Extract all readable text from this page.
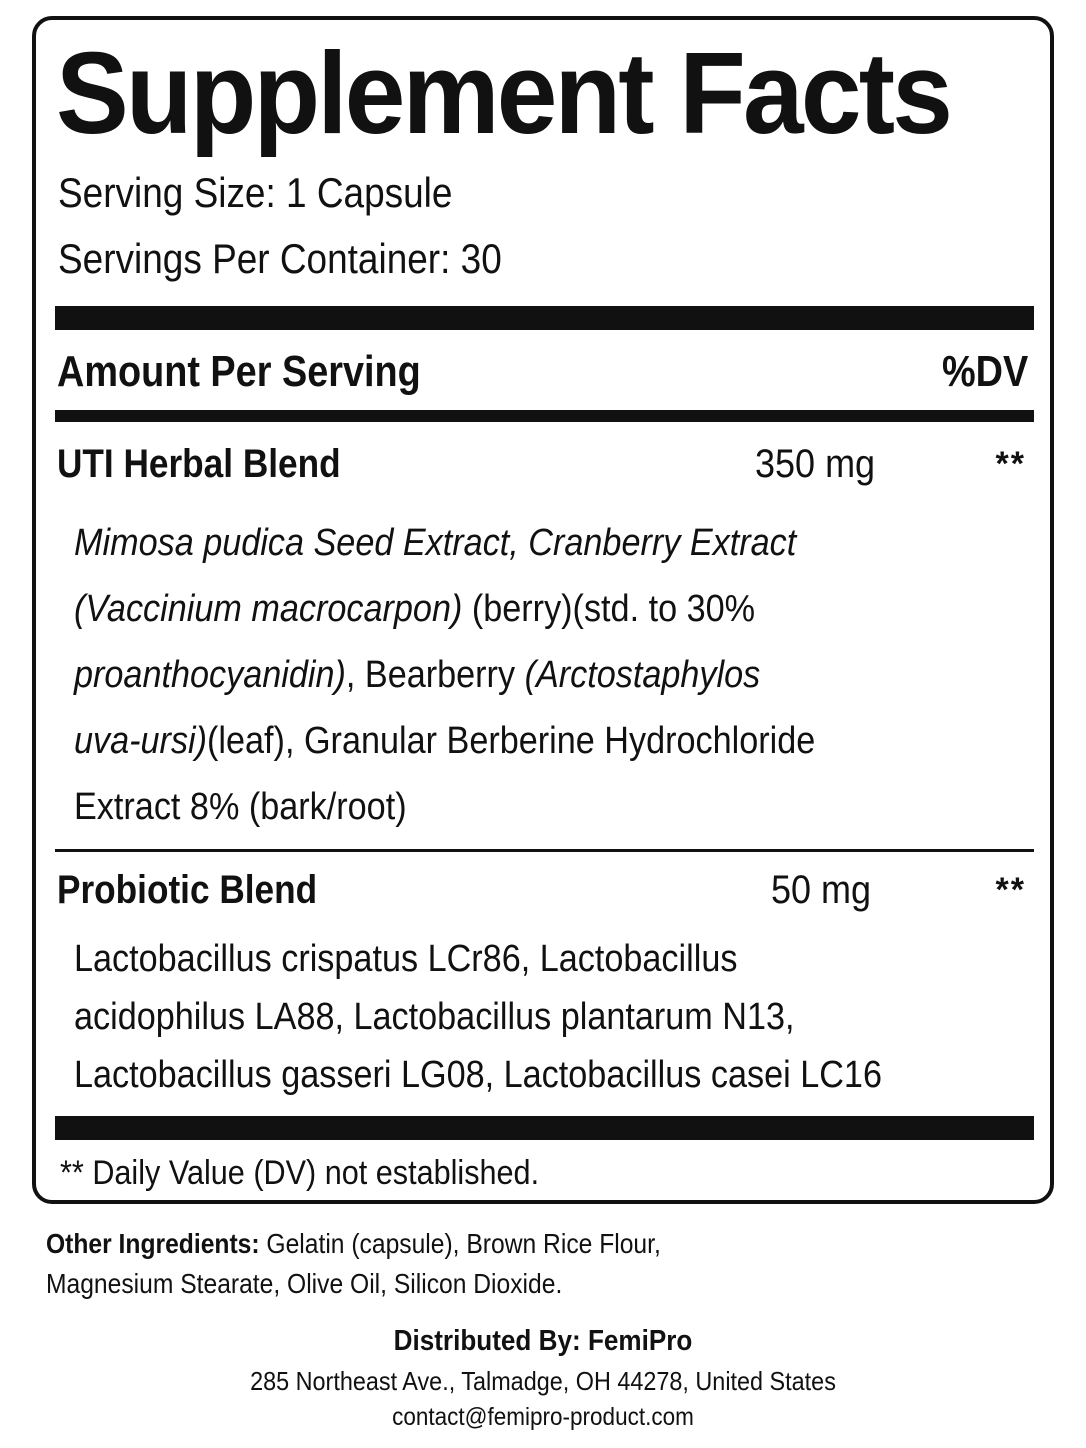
Supplement Facts
Serving Size: 1 Capsule
Servings Per Container: 30
Amount Per Serving	%DV
UTI Herbal Blend	350 mg	**
Mimosa pudica Seed Extract, Cranberry Extract
(Vaccinium macrocarpon) (berry)(std. to 30%
proanthocyanidin), Bearberry (Arctostaphylos
uva-ursi)(leaf), Granular Berberine Hydrochloride
Extract 8% (bark/root)
Probiotic Blend	50 mg	**
Lactobacillus crispatus LCr86, Lactobacillus
acidophilus LA88, Lactobacillus plantarum N13,
Lactobacillus gasseri LG08, Lactobacillus casei LC16
** Daily Value (DV) not established.
Other Ingredients: Gelatin (capsule), Brown Rice Flour,
Magnesium Stearate, Olive Oil, Silicon Dioxide.
Distributed By: FemiPro
285 Northeast Ave., Talmadge, OH 44278, United States
contact@femipro-product.com
